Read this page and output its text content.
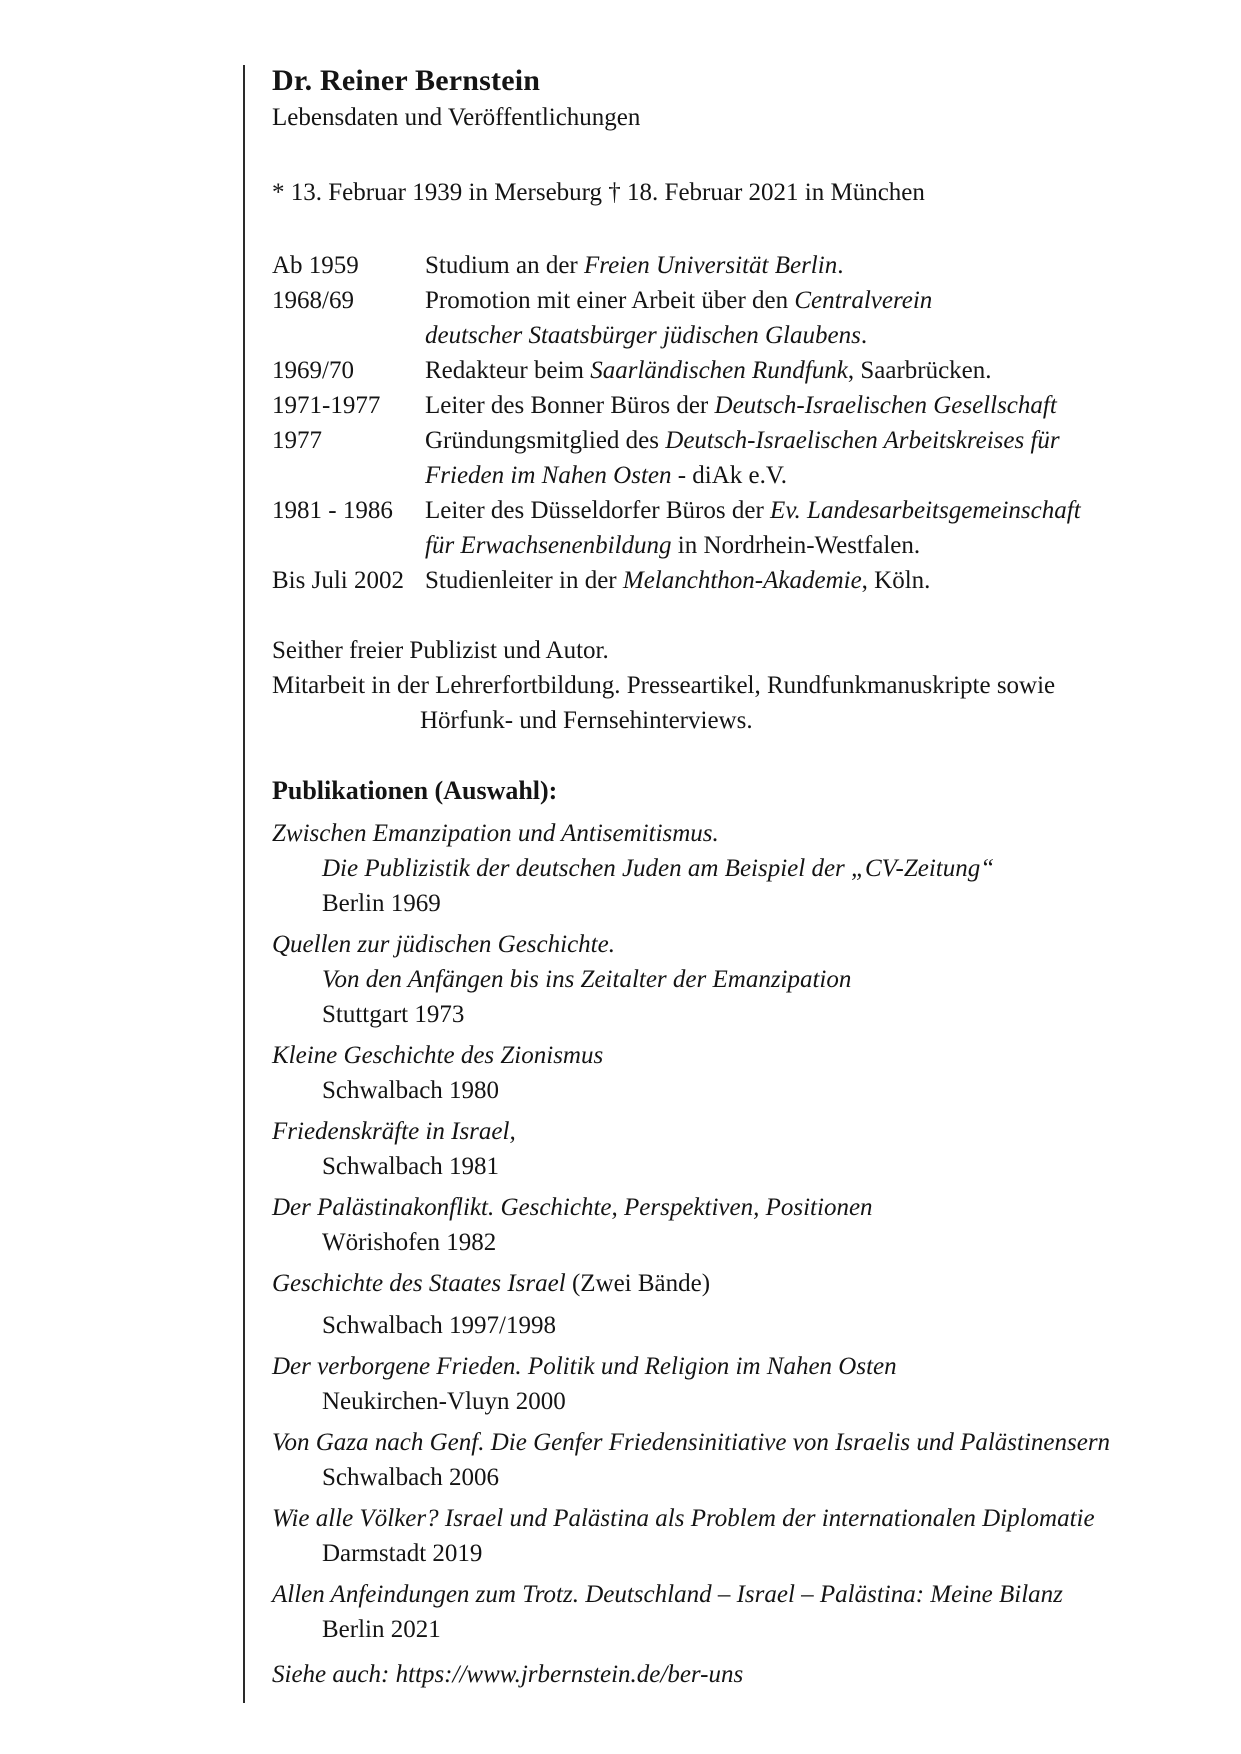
Dr. Reiner Bernstein
Lebensdaten und Veröffentlichungen
* 13. Februar 1939 in Merseburg † 18. Februar 2021 in München
Ab 1959	Studium an der Freien Universität Berlin.
1968/69	Promotion mit einer Arbeit über den Centralverein
deutscher Staatsbürger jüdischen Glaubens.
1969/70	Redakteur beim Saarländischen Rundfunk, Saarbrücken.
1971-1977	Leiter des Bonner Büros der Deutsch-Israelischen Gesellschaft
1977	Gründungsmitglied des Deutsch-Israelischen Arbeitskreises für
Frieden im Nahen Osten - diAk e.V.
1981 - 1986	Leiter des Düsseldorfer Büros der Ev. Landesarbeitsgemeinschaft
für Erwachsenenbildung in Nordrhein-Westfalen.
Bis Juli 2002 Studienleiter in der Melanchthon-Akademie, Köln.
Seither freier Publizist und Autor.
Mitarbeit in der Lehrerfortbildung. Presseartikel, Rundfunkmanuskripte sowie
Hörfunk- und Fernsehinterviews.
Publikationen (Auswahl):
Zwischen Emanzipation und Antisemitismus.
Die Publizistik der deutschen Juden am Beispiel der „CV-Zeitung“
Berlin 1969
Quellen zur jüdischen Geschichte.
Von den Anfängen bis ins Zeitalter der Emanzipation
Stuttgart 1973
Kleine Geschichte des Zionismus
Schwalbach 1980
Friedenskräfte in Israel,
Schwalbach 1981
Der Palästinakonflikt. Geschichte, Perspektiven, Positionen
Wörishofen 1982
Geschichte des Staates Israel (Zwei Bände)
Schwalbach 1997/1998
Der verborgene Frieden. Politik und Religion im Nahen Osten
Neukirchen-Vluyn 2000
Von Gaza nach Genf. Die Genfer Friedensinitiative von Israelis und Palästinensern
Schwalbach 2006
Wie alle Völker? Israel und Palästina als Problem der internationalen Diplomatie
Darmstadt 2019
Allen Anfeindungen zum Trotz. Deutschland – Israel – Palästina: Meine Bilanz
Berlin 2021
Siehe auch: https://www.jrbernstein.de/ber-uns
